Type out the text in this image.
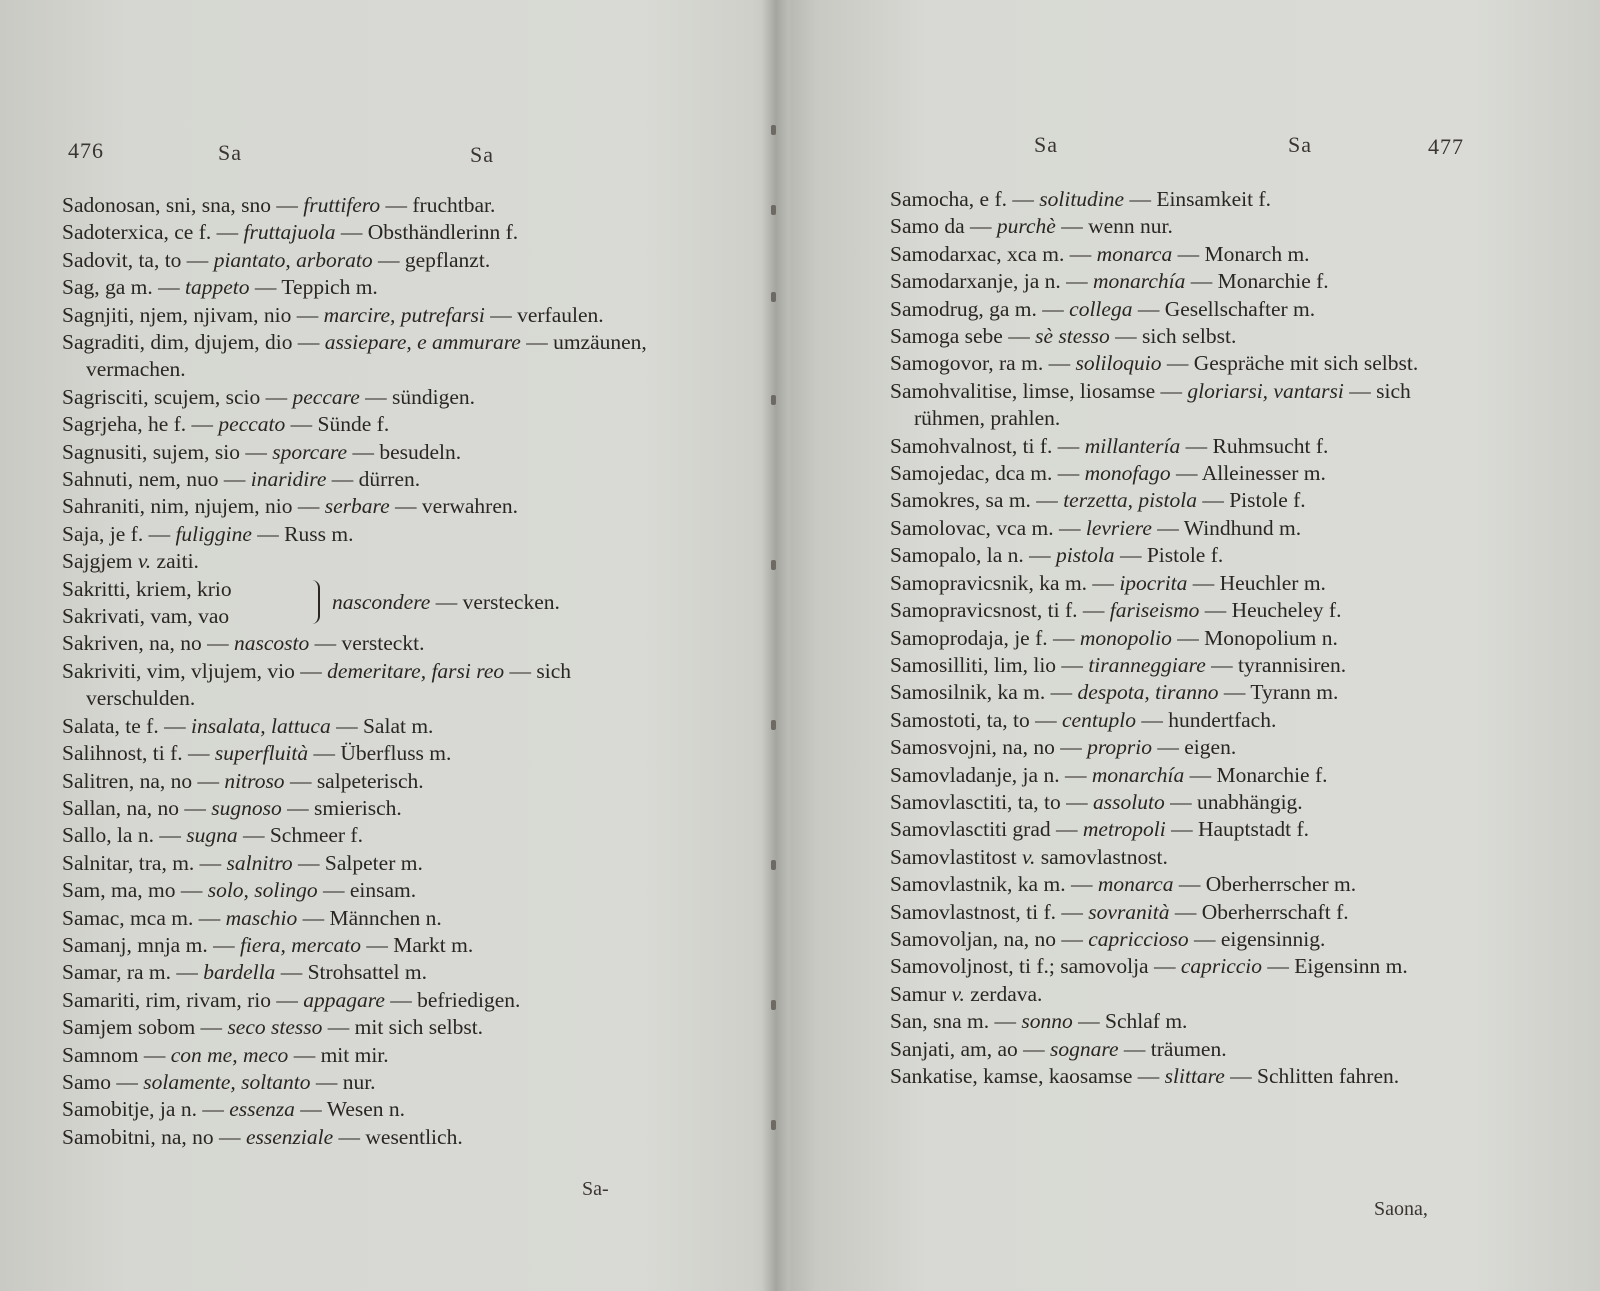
476	Sa	Sa
Sadonosan, sni, sna, sno — fruttifero — fruchtbar.
Sadoterxica, ce f. — fruttajuola — Obsthändlerinn f.
Sadovit, ta, to — piantato, arborato — gepflanzt.
Sag, ga m. — tappeto — Teppich m.
Sagnjiti, njem, njivam, nio — marcire, putrefarsi — verfaulen.
Sagraditi, dim, djujem, dio — assiepare, e ammurare — umzäunen, vermachen.
Sagrisciti, scujem, scio — peccare — sündigen.
Sagrjeha, he f. — peccato — Sünde f.
Sagnusiti, sujem, sio — sporcare — besudeln.
Sahnuti, nem, nuo — inaridire — dürren.
Sahraniti, nim, njujem, nio — serbare — verwahren.
Saja, je f. — fuliggine — Russ m.
Sajgjem v. zaiti.
Sakritti, kriem, krio
Sakrivati, vam, vao
nascondere — verstecken.
Sakriven, na, no — nascosto — versteckt.
Sakriviti, vim, vljujem, vio — demeritare, farsi reo — sich verschulden.
Salata, te f. — insalata, lattuca — Salat m.
Salihnost, ti f. — superfluità — Überfluss m.
Salitren, na, no — nitroso — salpeterisch.
Sallan, na, no — sugnoso — smierisch.
Sallo, la n. — sugna — Schmeer f.
Salnitar, tra, m. — salnitro — Salpeter m.
Sam, ma, mo — solo, solingo — einsam.
Samac, mca m. — maschio — Männchen n.
Samanj, mnja m. — fiera, mercato — Markt m.
Samar, ra m. — bardella — Strohsattel m.
Samariti, rim, rivam, rio — appagare — befriedigen.
Samjem sobom — seco stesso — mit sich selbst.
Samnom — con me, meco — mit mir.
Samo — solamente, soltanto — nur.
Samobitje, ja n. — essenza — Wesen n.
Samobitni, na, no — essenziale — wesentlich.
Sa-
Sa	Sa	477
Samocha, e f. — solitudine — Einsamkeit f.
Samo da — purchè — wenn nur.
Samodarxac, xca m. — monarca — Monarch m.
Samodarxanje, ja n. — monarchía — Monarchie f.
Samodrug, ga m. — collega — Gesellschafter m.
Samoga sebe — sè stesso — sich selbst.
Samogovor, ra m. — soliloquio — Gespräche mit sich selbst.
Samohvalitise, limse, liosamse — gloriarsi, vantarsi — sich rühmen, prahlen.
Samohvalnost, ti f. — millantería — Ruhmsucht f.
Samojedac, dca m. — monofago — Alleinesser m.
Samokres, sa m. — terzetta, pistola — Pistole f.
Samolovac, vca m. — levriere — Windhund m.
Samopalo, la n. — pistola — Pistole f.
Samopravicsnik, ka m. — ipocrita — Heuchler m.
Samopravicsnost, ti f. — fariseismo — Heucheley f.
Samoprodaja, je f. — monopolio — Monopolium n.
Samosilliti, lim, lio — tiranneggiare — tyrannisiren.
Samosilnik, ka m. — despota, tiranno — Tyrann m.
Samostoti, ta, to — centuplo — hundertfach.
Samosvojni, na, no — proprio — eigen.
Samovladanje, ja n. — monarchía — Monarchie f.
Samovlasctiti, ta, to — assoluto — unabhängig.
Samovlasctiti grad — metropoli — Hauptstadt f.
Samovlastitost v. samovlastnost.
Samovlastnik, ka m. — monarca — Oberherrscher m.
Samovlastnost, ti f. — sovranità — Oberherrschaft f.
Samovoljan, na, no — capriccioso — eigensinnig.
Samovoljnost, ti f.; samovolja — capriccio — Eigensinn m.
Samur v. zerdava.
San, sna m. — sonno — Schlaf m.
Sanjati, am, ao — sognare — träumen.
Sankatise, kamse, kaosamse — slittare — Schlitten fahren.
Saona,
